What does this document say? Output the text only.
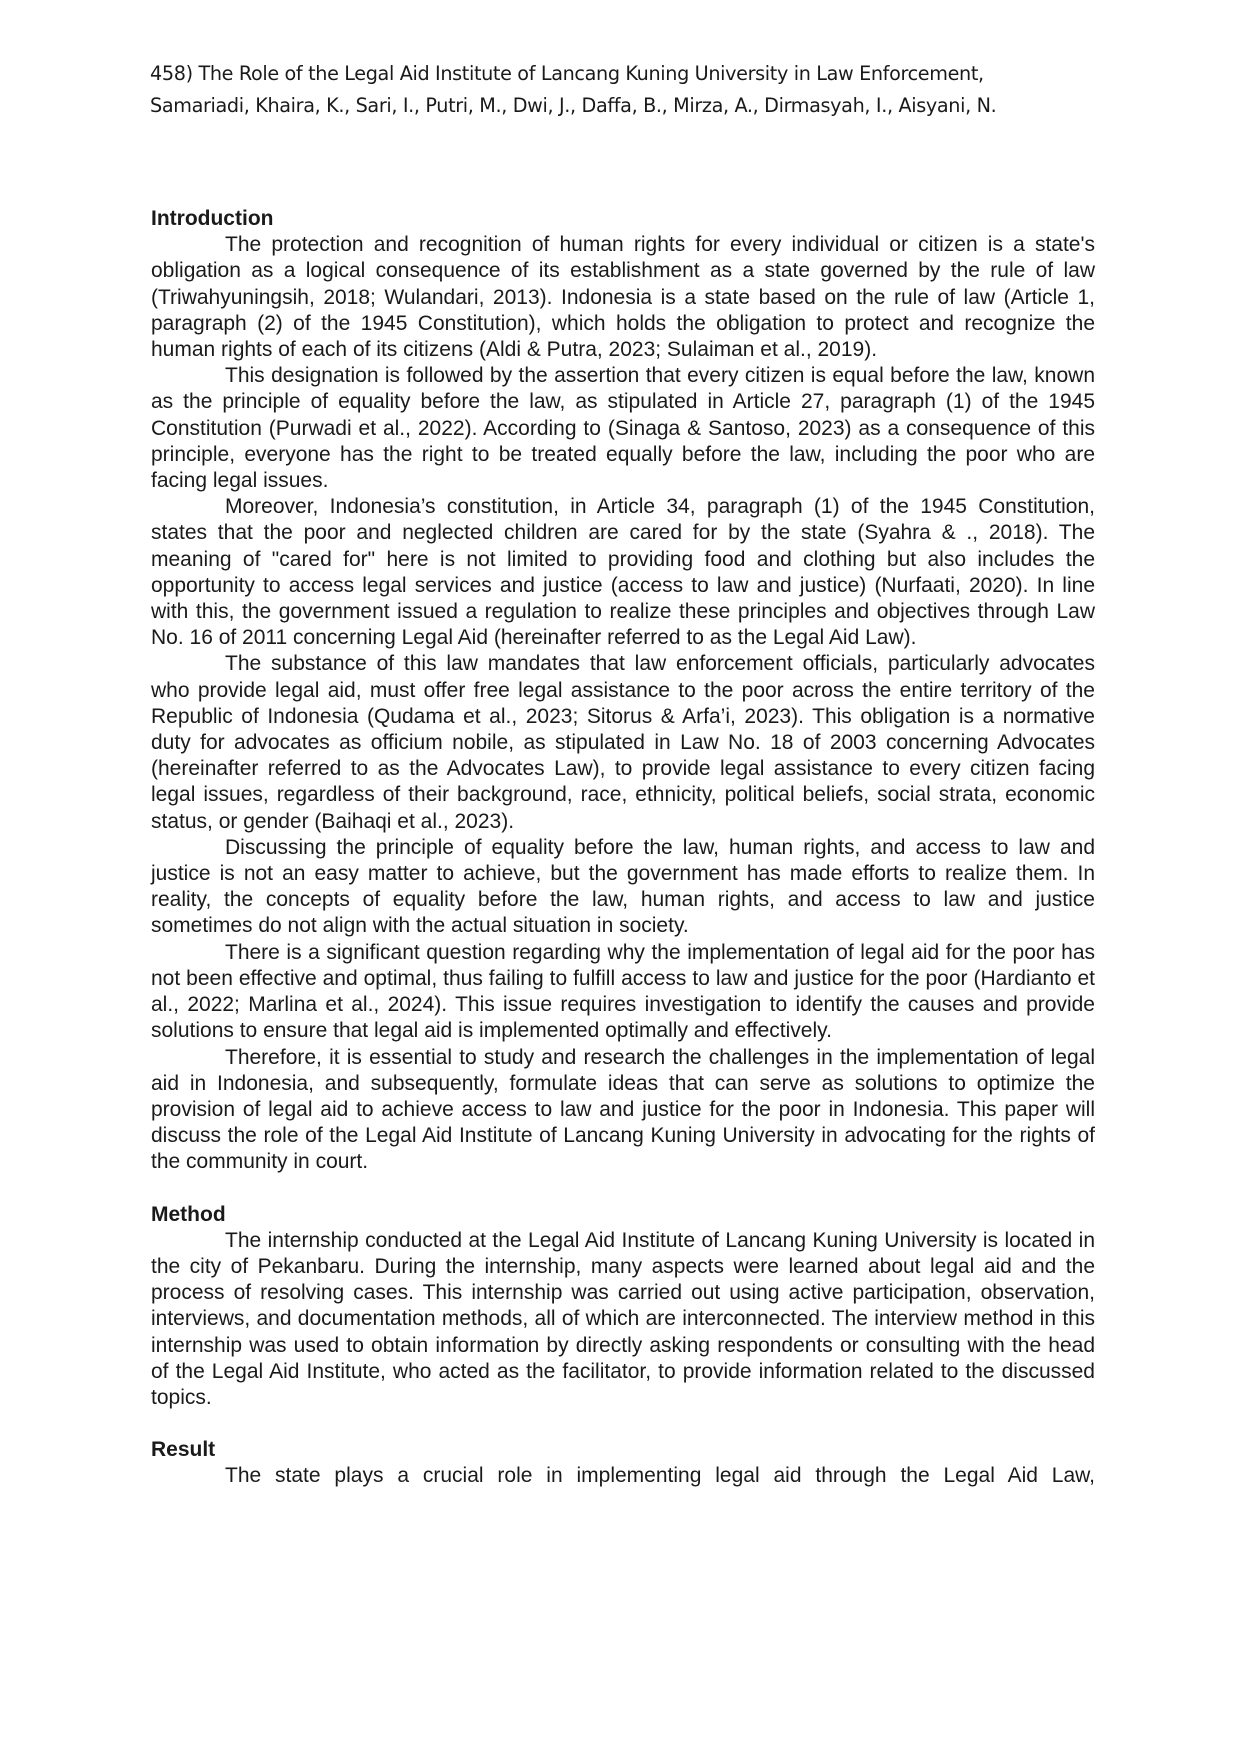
458) The Role of the Legal Aid Institute of Lancang Kuning University in Law Enforcement,
Samariadi, Khaira, K., Sari, I., Putri, M., Dwi, J., Daffa, B., Mirza, A., Dirmasyah, I., Aisyani, N.
Introduction

The protection and recognition of human rights for every individual or citizen is a state's obligation as a logical consequence of its establishment as a state governed by the rule of law (Triwahyuningsih, 2018; Wulandari, 2013). Indonesia is a state based on the rule of law (Article 1, paragraph (2) of the 1945 Constitution), which holds the obligation to protect and recognize the human rights of each of its citizens (Aldi & Putra, 2023; Sulaiman et al., 2019).

This designation is followed by the assertion that every citizen is equal before the law, known as the principle of equality before the law, as stipulated in Article 27, paragraph (1) of the 1945 Constitution (Purwadi et al., 2022). According to (Sinaga & Santoso, 2023) as a consequence of this principle, everyone has the right to be treated equally before the law, including the poor who are facing legal issues.

Moreover, Indonesia’s constitution, in Article 34, paragraph (1) of the 1945 Constitution, states that the poor and neglected children are cared for by the state (Syahra & ., 2018). The meaning of "cared for" here is not limited to providing food and clothing but also includes the opportunity to access legal services and justice (access to law and justice) (Nurfaati, 2020). In line with this, the government issued a regulation to realize these principles and objectives through Law No. 16 of 2011 concerning Legal Aid (hereinafter referred to as the Legal Aid Law).

The substance of this law mandates that law enforcement officials, particularly advocates who provide legal aid, must offer free legal assistance to the poor across the entire territory of the Republic of Indonesia (Qudama et al., 2023; Sitorus & Arfa’i, 2023). This obligation is a normative duty for advocates as officium nobile, as stipulated in Law No. 18 of 2003 concerning Advocates (hereinafter referred to as the Advocates Law), to provide legal assistance to every citizen facing legal issues, regardless of their background, race, ethnicity, political beliefs, social strata, economic status, or gender (Baihaqi et al., 2023).

Discussing the principle of equality before the law, human rights, and access to law and justice is not an easy matter to achieve, but the government has made efforts to realize them. In reality, the concepts of equality before the law, human rights, and access to law and justice sometimes do not align with the actual situation in society.

There is a significant question regarding why the implementation of legal aid for the poor has not been effective and optimal, thus failing to fulfill access to law and justice for the poor (Hardianto et al., 2022; Marlina et al., 2024). This issue requires investigation to identify the causes and provide solutions to ensure that legal aid is implemented optimally and effectively.

Therefore, it is essential to study and research the challenges in the implementation of legal aid in Indonesia, and subsequently, formulate ideas that can serve as solutions to optimize the provision of legal aid to achieve access to law and justice for the poor in Indonesia. This paper will discuss the role of the Legal Aid Institute of Lancang Kuning University in advocating for the rights of the community in court.

Method

The internship conducted at the Legal Aid Institute of Lancang Kuning University is located in the city of Pekanbaru. During the internship, many aspects were learned about legal aid and the process of resolving cases. This internship was carried out using active participation, observation, interviews, and documentation methods, all of which are interconnected. The interview method in this internship was used to obtain information by directly asking respondents or consulting with the head of the Legal Aid Institute, who acted as the facilitator, to provide information related to the discussed topics.

Result

The state plays a crucial role in implementing legal aid through the Legal Aid Law,
